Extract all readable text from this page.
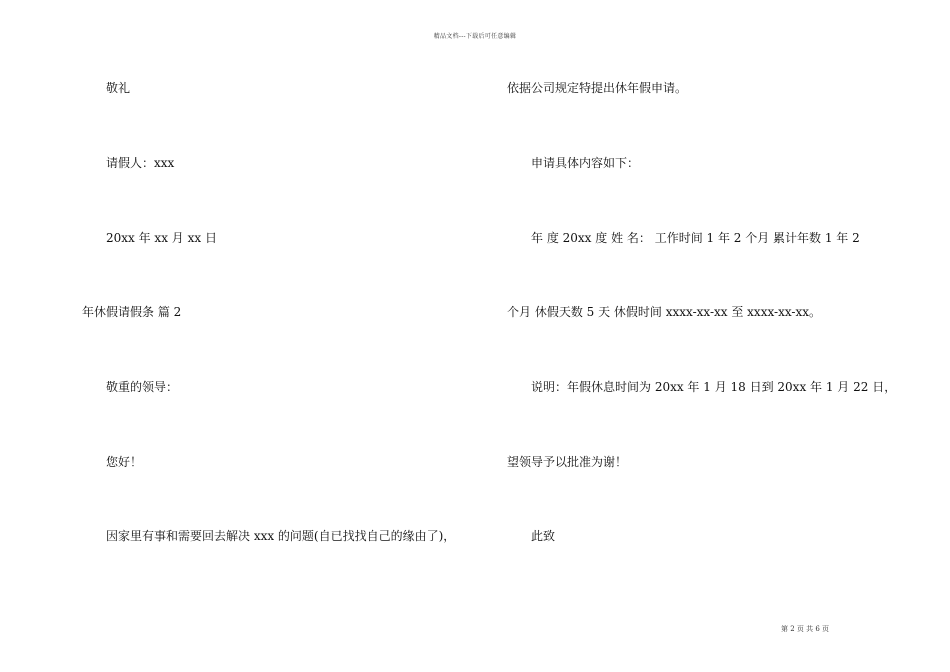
精品文档---下载后可任意编辑
敬礼
请假人：xxx
20xx 年 xx 月 xx 日
年休假请假条 篇 2
敬重的领导：
您好！
因家里有事和需要回去解决 xxx 的问题(自已找找自己的缘由了)，
依据公司规定特提出休年假申请。
申请具体内容如下：
年 度 20xx 度 姓 名： 工作时间 1 年 2 个月 累计年数 1 年 2
个月 休假天数 5 天 休假时间 xxxx-xx-xx 至 xxxx-xx-xx。
说明：年假休息时间为 20xx 年 1 月 18 日到 20xx 年 1 月 22 日，
望领导予以批准为谢！
此致
第 2 页 共 6 页
